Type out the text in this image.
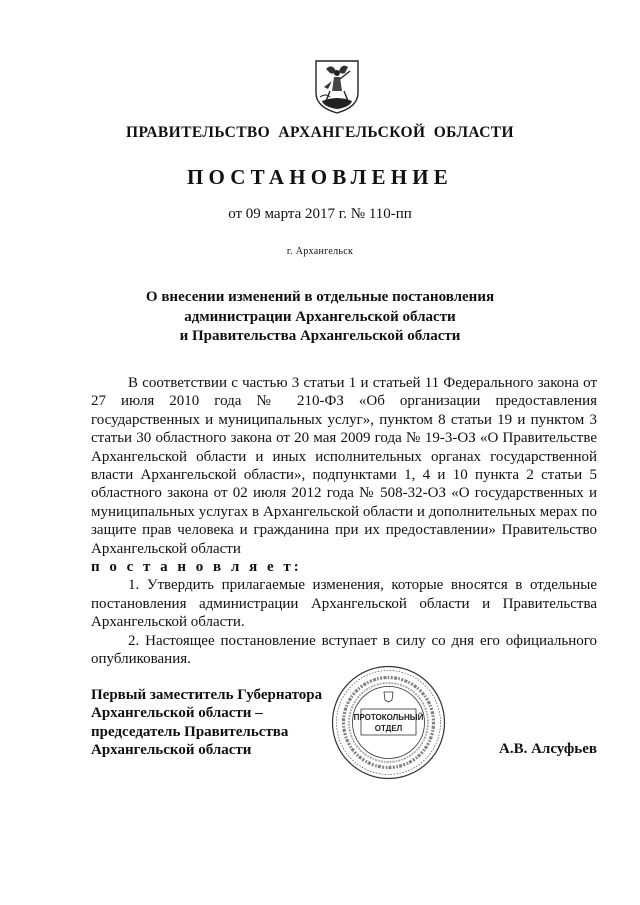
ПРАВИТЕЛЬСТВО АРХАНГЕЛЬСКОЙ ОБЛАСТИ
ПОСТАНОВЛЕНИЕ
от 09 марта 2017 г. № 110-пп
г. Архангельск
О внесении изменений в отдельные постановления
администрации Архангельской области
и Правительства Архангельской области

В соответствии с частью 3 статьи 1 и статьей 11 Федерального закона от 27 июля 2010 года № 210-ФЗ «Об организации предоставления государственных и муниципальных услуг», пунктом 8 статьи 19 и пунктом 3 статьи 30 областного закона от 20 мая 2009 года № 19-3-ОЗ «О Правительстве Архангельской области и иных исполнительных органах государственной власти Архангельской области», подпунктами 1, 4 и 10 пункта 2 статьи 5 областного закона от 02 июля 2012 года № 508-32-ОЗ «О государственных и муниципальных услугах в Архангельской области и дополнительных мерах по защите прав человека и гражданина при их предоставлении» Правительство Архангельской области

п о с т а н о в л я е т:

1. Утвердить прилагаемые изменения, которые вносятся в отдельные постановления администрации Архангельской области и Правительства Архангельской области.

2. Настоящее постановление вступает в силу со дня его официального опубликования.

ПРОТОКОЛЬНЫЙ
ОТДЕЛ
Первый заместитель Губернатора
Архангельской области –
председатель Правительства
Архангельской области	А.В. Алсуфьев
